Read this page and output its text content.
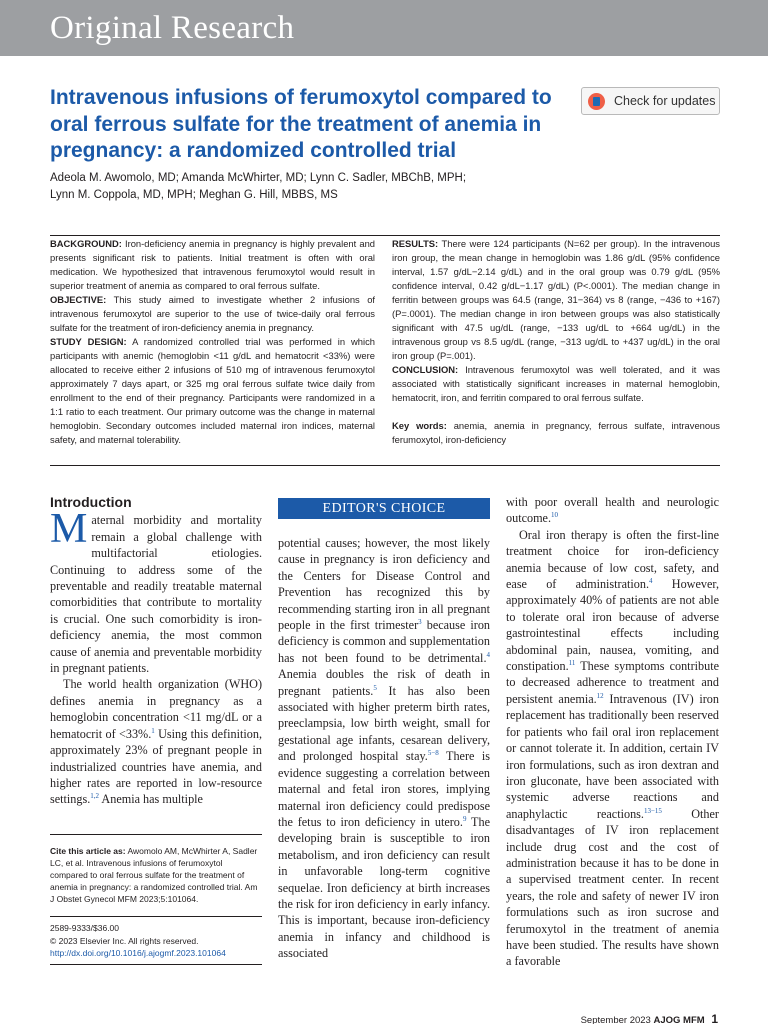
Original Research
Intravenous infusions of ferumoxytol compared to oral ferrous sulfate for the treatment of anemia in pregnancy: a randomized controlled trial
Check for updates
Adeola M. Awomolo, MD; Amanda McWhirter, MD; Lynn C. Sadler, MBChB, MPH;
Lynn M. Coppola, MD, MPH; Meghan G. Hill, MBBS, MS

BACKGROUND: Iron-deficiency anemia in pregnancy is highly prevalent and presents significant risk to patients. Initial treatment is often with oral medication. We hypothesized that intravenous ferumoxytol would result in superior treatment of anemia as compared to oral ferrous sulfate.

OBJECTIVE: This study aimed to investigate whether 2 infusions of intravenous ferumoxytol are superior to the use of twice-daily oral ferrous sulfate for the treatment of iron-deficiency anemia in pregnancy.

STUDY DESIGN: A randomized controlled trial was performed in which participants with anemic (hemoglobin <11 g/dL and hematocrit <33%) were allocated to receive either 2 infusions of 510 mg of intravenous ferumoxytol approximately 7 days apart, or 325 mg oral ferrous sulfate twice daily from enrollment to the end of their pregnancy. Participants were randomized in a 1:1 ratio to each treatment. Our primary outcome was the change in maternal hemoglobin. Secondary outcomes included maternal iron indices, maternal safety, and maternal tolerability.

RESULTS: There were 124 participants (N=62 per group). In the intravenous iron group, the mean change in hemoglobin was 1.86 g/dL (95% confidence interval, 1.57 g/dL−2.14 g/dL) and in the oral group was 0.79 g/dL (95% confidence interval, 0.42 g/dL−1.17 g/dL) (P<.0001). The median change in ferritin between groups was 64.5 (range, 31−364) vs 8 (range, −436 to +167) (P=.0001). The median change in iron between groups was also statistically significant with 47.5 ug/dL (range, −133 ug/dL to +664 ug/dL) in the intravenous group vs 8.5 ug/dL (range, −313 ug/dL to +437 ug/dL) in the oral iron group (P=.001).

CONCLUSION: Intravenous ferumoxytol was well tolerated, and it was associated with statistically significant increases in maternal hemoglobin, hematocrit, iron, and ferritin compared to oral ferrous sulfate.

Key words: anemia, anemia in pregnancy, ferrous sulfate, intravenous ferumoxytol, iron-deficiency

Introduction

Maternal morbidity and mortality remain a global challenge with multifactorial etiologies. Continuing to address some of the preventable and readily treatable maternal comorbidities that contribute to mortality is crucial. One such comorbidity is iron-deficiency anemia, the most common cause of anemia and preventable morbidity in pregnant patients.

The world health organization (WHO) defines anemia in pregnancy as a hemoglobin concentration <11 mg/dL or a hematocrit of <33%.$^1$ Using this definition, approximately 23% of pregnant people in industrialized countries have anemia, and higher rates are reported in low-resource settings.$^{1,2}$ Anemia has multiple

EDITOR'S CHOICE

potential causes; however, the most likely cause in pregnancy is iron deficiency and the Centers for Disease Control and Prevention has recognized this by recommending starting iron in all pregnant people in the first trimester$^3$ because iron deficiency is common and supplementation has not been found to be detrimental.$^4$ Anemia doubles the risk of death in pregnant patients.$^5$ It has also been associated with higher preterm birth rates, preeclampsia, low birth weight, small for gestational age infants, cesarean delivery, and prolonged hospital stay.$^{5-8}$ There is evidence suggesting a correlation between maternal and fetal iron stores, implying maternal iron deficiency could predispose the fetus to iron deficiency in utero.$^9$ The developing brain is susceptible to iron metabolism, and iron deficiency can result in unfavorable long-term cognitive sequelae. Iron deficiency at birth increases the risk for iron deficiency in early infancy. This is important, because iron-deficiency anemia in infancy and childhood is associated

with poor overall health and neurologic outcome.$^{10}$

Oral iron therapy is often the first-line treatment choice for iron-deficiency anemia because of low cost, safety, and ease of administration.$^4$ However, approximately 40% of patients are not able to tolerate oral iron because of adverse gastrointestinal effects including abdominal pain, nausea, vomiting, and constipation.$^{11}$ These symptoms contribute to decreased adherence to treatment and persistent anemia.$^{12}$ Intravenous (IV) iron replacement has traditionally been reserved for patients who fail oral iron replacement or cannot tolerate it. In addition, certain IV iron formulations, such as iron dextran and iron gluconate, have been associated with systemic adverse reactions and anaphylactic reactions.$^{13-15}$ Other disadvantages of IV iron replacement include drug cost and the cost of administration because it has to be done in a supervised treatment center. In recent years, the role and safety of newer IV iron formulations such as iron sucrose and ferumoxytol in the treatment of anemia have been studied. The results have shown a favorable

Cite this article as: Awomolo AM, McWhirter A, Sadler LC, et al. Intravenous infusions of ferumoxytol compared to oral ferrous sulfate for the treatment of anemia in pregnancy: a randomized controlled trial. Am J Obstet Gynecol MFM 2023;5:101064.
2589-9333/$36.00
© 2023 Elsevier Inc. All rights reserved.
http://dx.doi.org/10.1016/j.ajogmf.2023.101064
September 2023 AJOG MFM 1
